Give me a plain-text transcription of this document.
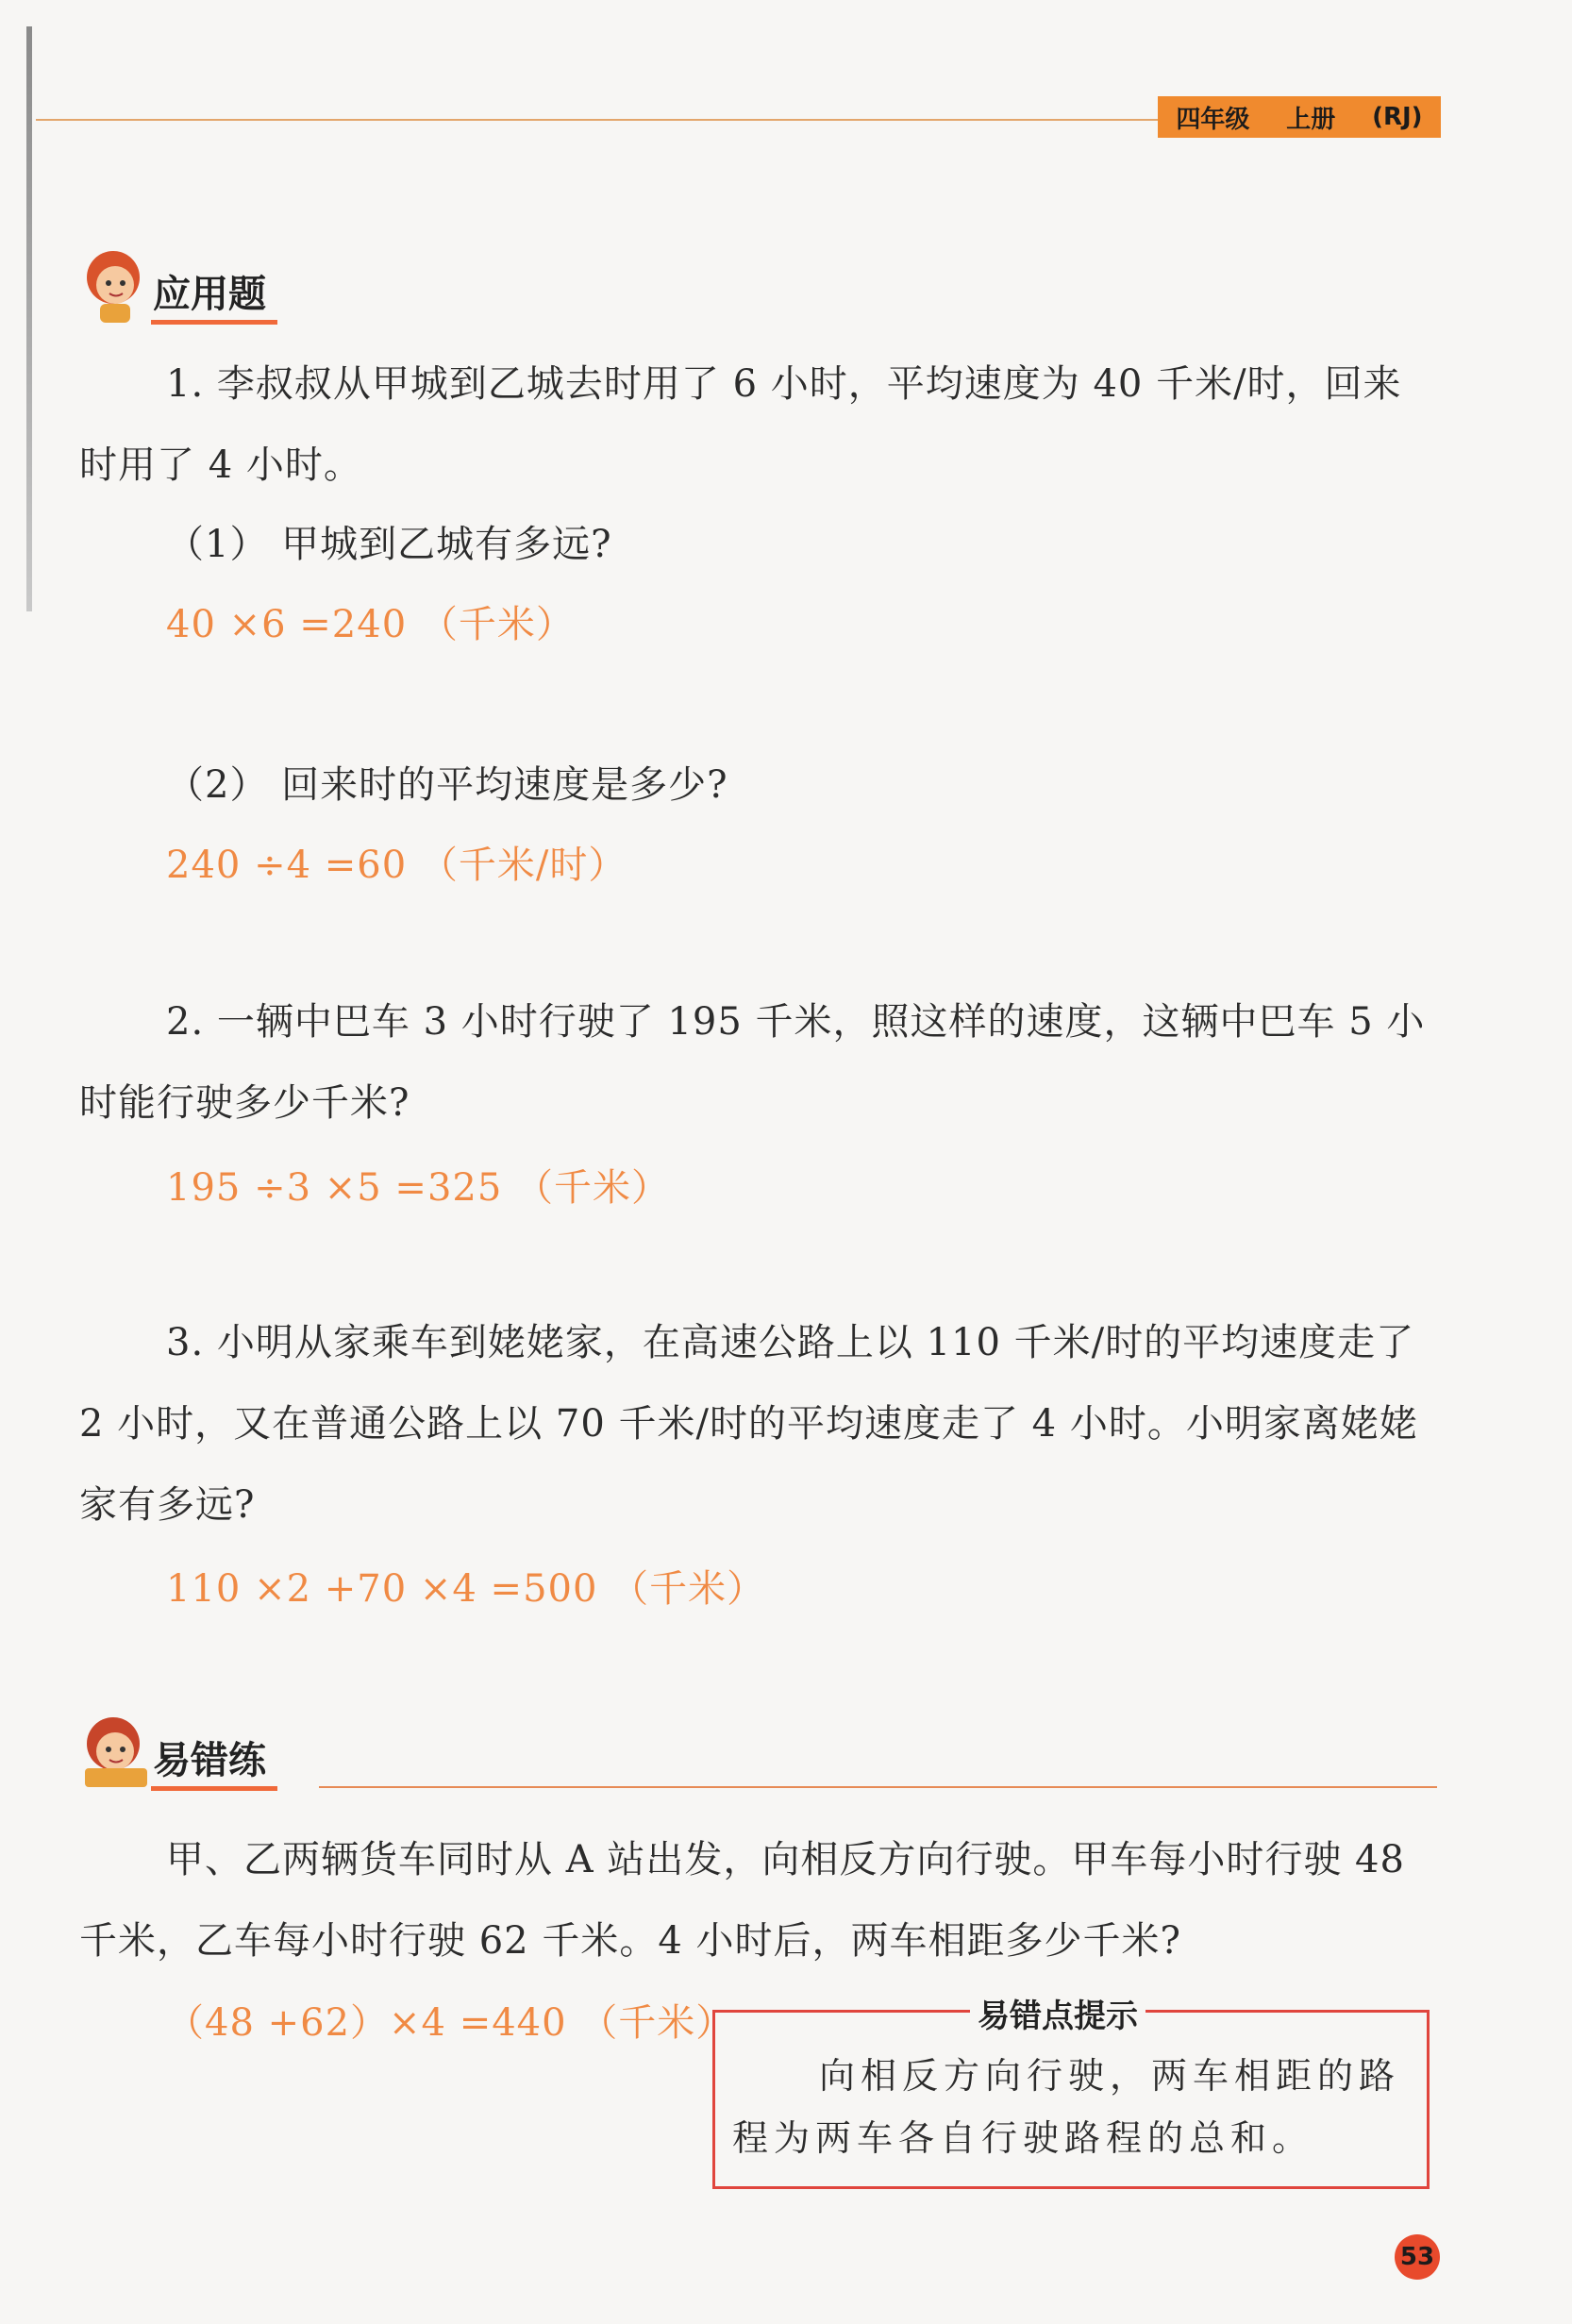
四年级 上册 (RJ)
应用题
1. 李叔叔从甲城到乙城去时用了 6 小时，平均速度为 40 千米/时，回来时用了 4 小时。
（1） 甲城到乙城有多远?
40 ×6 =240 （千米）
（2） 回来时的平均速度是多少?
240 ÷4 =60 （千米/时）
2. 一辆中巴车 3 小时行驶了 195 千米，照这样的速度，这辆中巴车 5 小时能行驶多少千米?
195 ÷3 ×5 =325 （千米）
3. 小明从家乘车到姥姥家，在高速公路上以 110 千米/时的平均速度走了 2 小时，又在普通公路上以 70 千米/时的平均速度走了 4 小时。小明家离姥姥家有多远?
110 ×2 +70 ×4 =500 （千米）
易错练
甲、乙两辆货车同时从 A 站出发，向相反方向行驶。甲车每小时行驶 48 千米，乙车每小时行驶 62 千米。4 小时后，两车相距多少千米?
（48 +62）×4 =440 （千米）	易错点提示
向相反方向行驶，两车相距的路程为两车各自行驶路程的总和。
53
